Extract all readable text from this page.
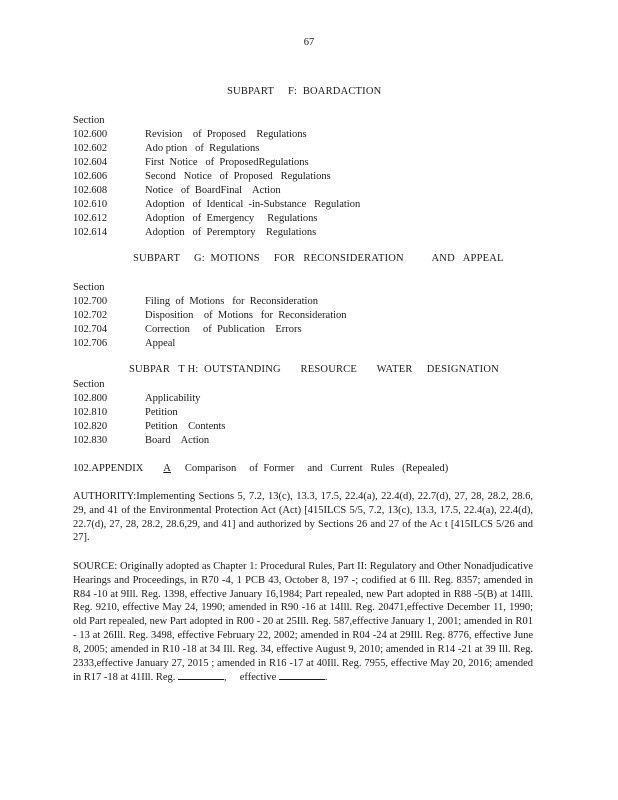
67
SUBPART     F:  BOARDACTION
Section
102.600	Revision    of  Proposed    Regulations
102.602	Ado ption   of  Regulations
102.604	First  Notice   of  ProposedRegulations
102.606	Second   Notice   of  Proposed   Regulations
102.608	Notice   of  BoardFinal    Action
102.610	Adoption   of  Identical  -in-Substance   Regulation
102.612	Adoption   of  Emergency     Regulations
102.614	Adoption   of  Peremptory    Regulations
SUBPART     G:  MOTIONS     FOR   RECONSIDERATION          AND   APPEAL
Section
102.700	Filing  of  Motions   for  Reconsideration
102.702	Disposition    of  Motions   for  Reconsideration
102.704	Correction     of  Publication    Errors
102.706	Appeal
SUBPAR   T H:  OUTSTANDING       RESOURCE       WATER     DESIGNATION
Section
102.800	Applicability
102.810	Petition
102.820	Petition    Contents
102.830	Board    Action
102.APPENDIX A Comparison     of  Former     and   Current   Rules   (Repealed)
AUTHORITY:Implementing Sections 5, 7.2, 13(c), 13.3, 17.5, 22.4(a), 22.4(d), 22.7(d), 27, 28, 28.2, 28.6, 29, and 41 of the Environmental Protection Act (Act) [415ILCS 5/5, 7.2, 13(c), 13.3, 17.5, 22.4(a), 22.4(d), 22.7(d), 27, 28, 28.2, 28.6,29, and 41] and authorized by Sections 26 and 27 of the Ac t [415ILCS 5/26 and 27].
SOURCE: Originally adopted as Chapter 1: Procedural Rules, Part II: Regulatory and Other Nonadjudicative Hearings and Proceedings, in R70 -4, 1 PCB 43, October 8, 197 -; codified at 6 Ill. Reg. 8357; amended in R84 -10 at 9Ill. Reg. 1398, effective January 16,1984; Part repealed, new Part adopted in R88 -5(B) at 14Ill. Reg. 9210, effective May 24, 1990; amended in R90 -16 at 14Ill. Reg. 20471,effective December 11, 1990; old Part repealed, new Part adopted in R00 - 20 at 25Ill. Reg. 587,effective January 1, 2001; amended in R01 - 13 at 26Ill. Reg. 3498, effective February 22, 2002; amended in R04 -24 at 29Ill. Reg. 8776, effective June 8, 2005; amended in R10 -18 at 34 Ill. Reg. 34, effective August 9, 2010; amended in R14 -21 at 39 Ill. Reg. 2333,effective January 27, 2015 ; amended in R16 -17 at 40Ill. Reg. 7955, effective May 20, 2016; amended in R17 -18 at 41Ill. Reg.	,     effective	.
